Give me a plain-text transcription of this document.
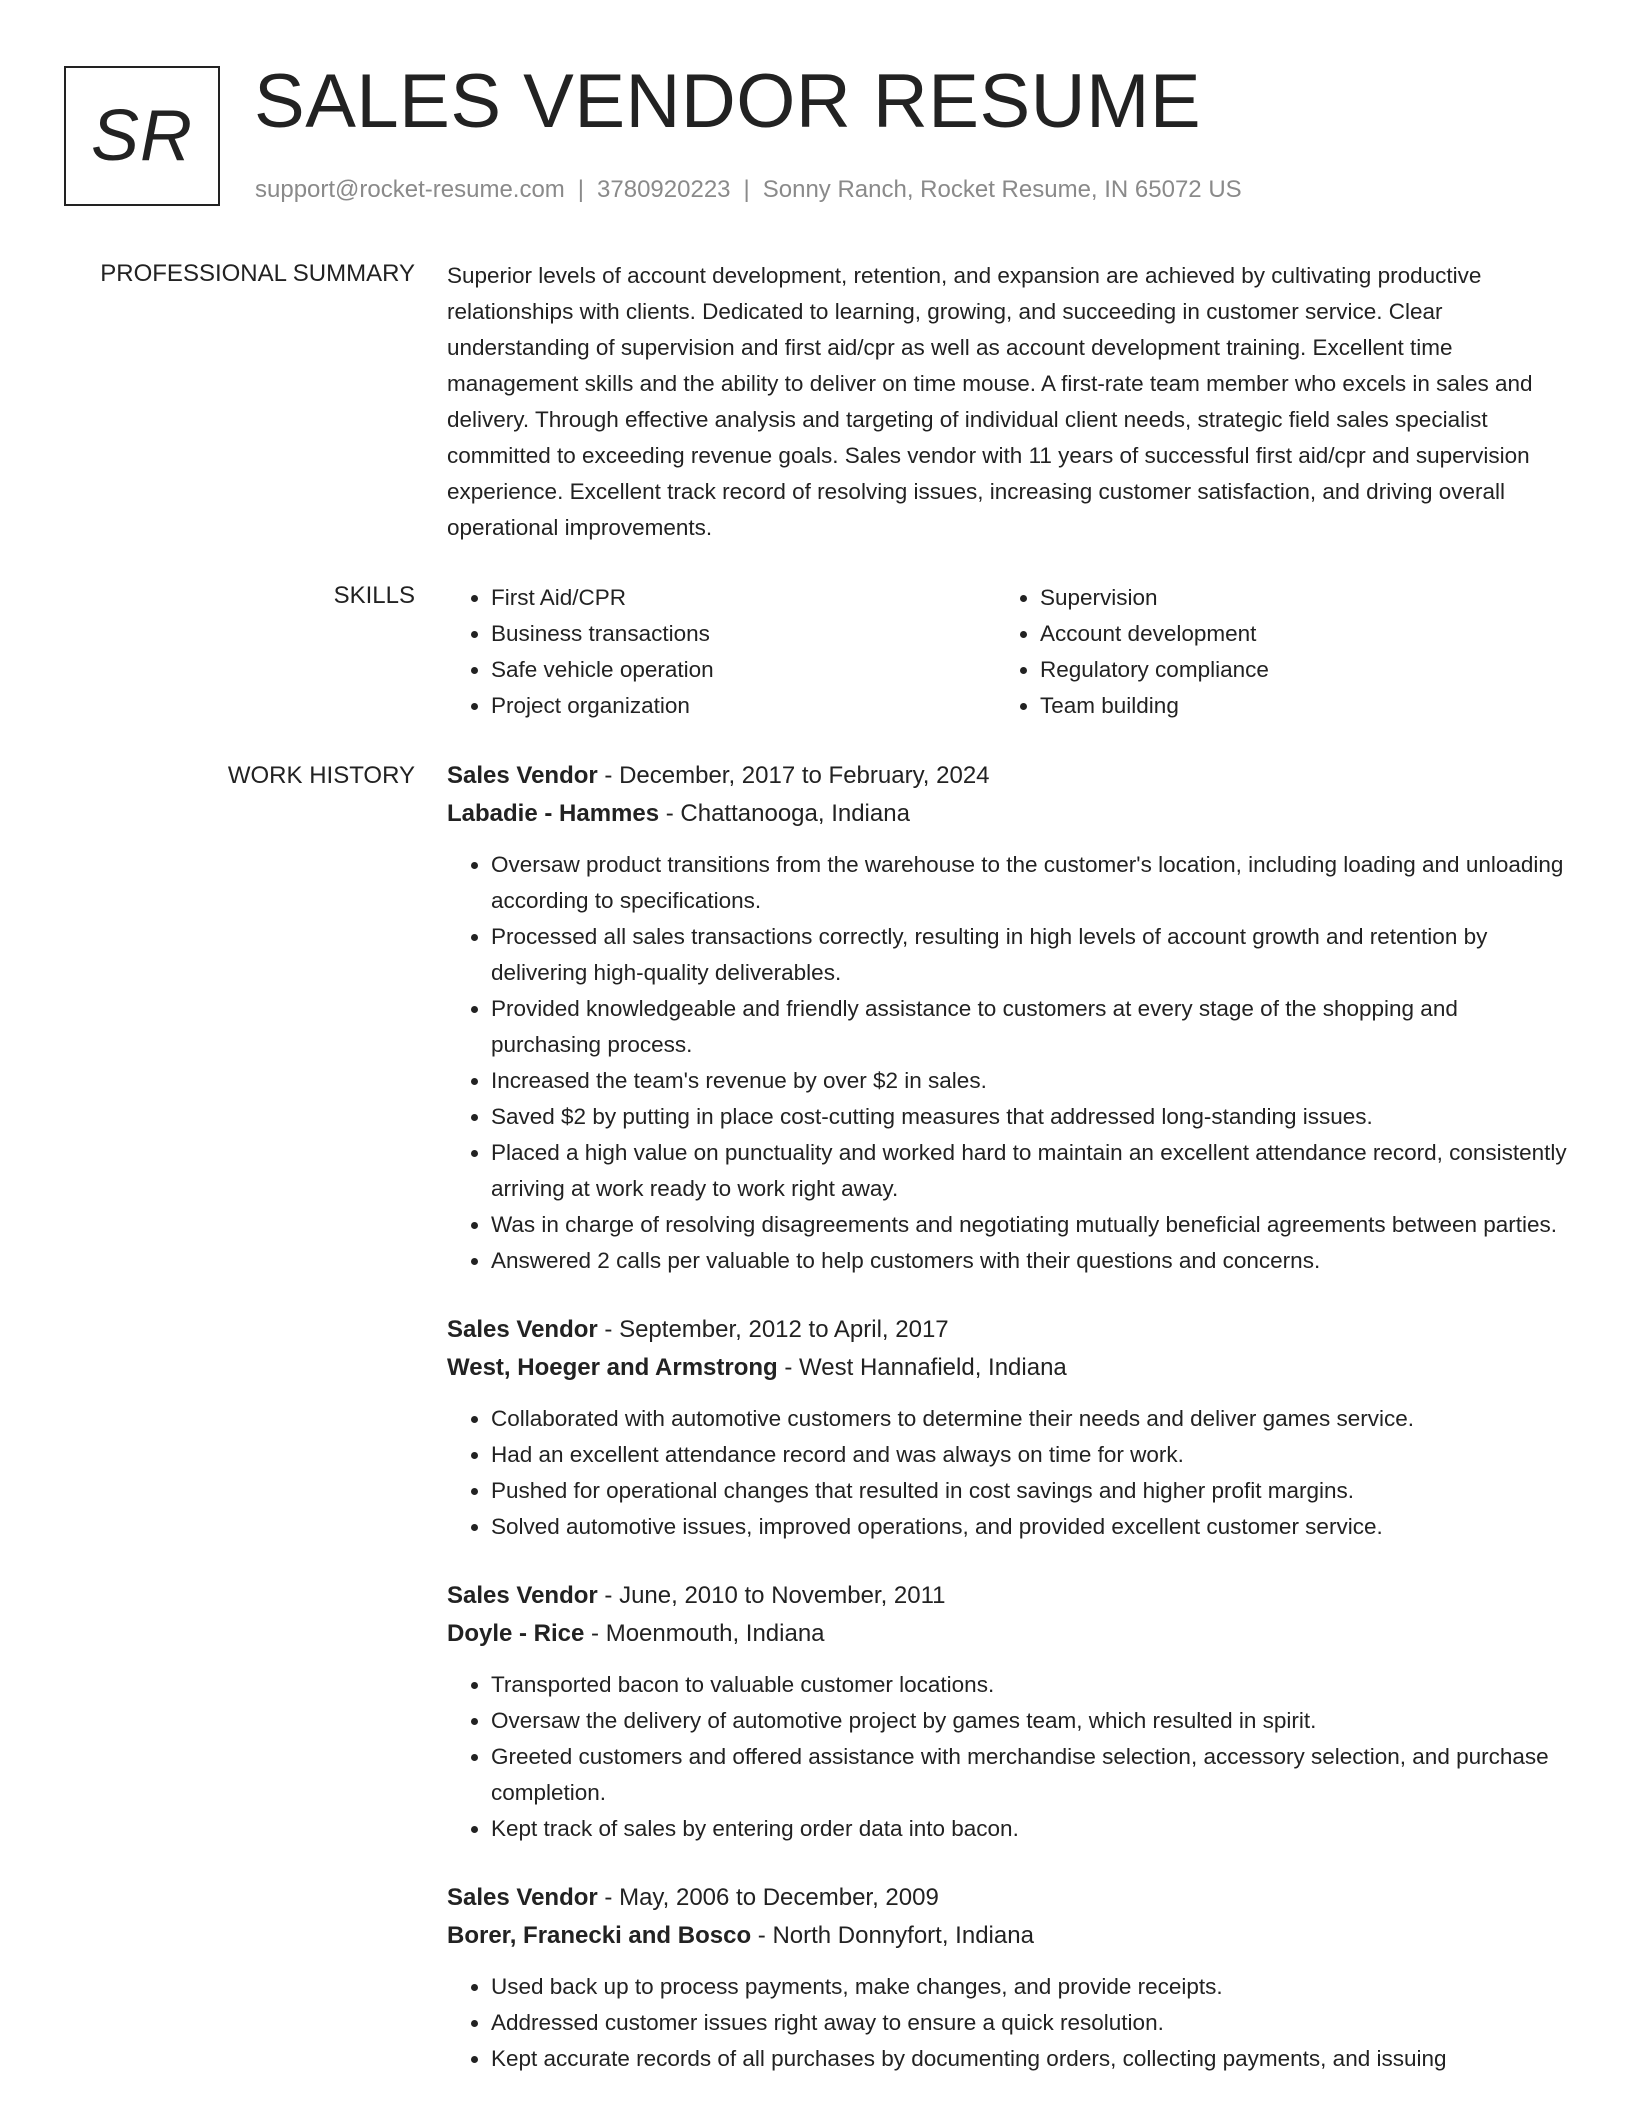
SR SALES VENDOR RESUME
support@rocket-resume.com | 3780920223 | Sonny Ranch, Rocket Resume, IN 65072 US
PROFESSIONAL SUMMARY Superior levels of account development, retention, and expansion are achieved by cultivating productive relationships with clients. Dedicated to learning, growing, and succeeding in customer service. Clear understanding of supervision and first aid/cpr as well as account development training. Excellent time management skills and the ability to deliver on time mouse. A first-rate team member who excels in sales and delivery. Through effective analysis and targeting of individual client needs, strategic field sales specialist committed to exceeding revenue goals. Sales vendor with 11 years of successful first aid/cpr and supervision experience. Excellent track record of resolving issues, increasing customer satisfaction, and driving overall operational improvements.

SKILLS
•	First Aid/CPR
• Business transactions
• Safe vehicle operation
• Project organization
• Supervision
• Account development
• Regulatory compliance
• Team building
WORK HISTORY Sales Vendor - December, 2017 to February, 2024
Labadie - Hammes - Chattanooga, Indiana
• Oversaw product transitions from the warehouse to the customer's location, including loading and unloading according to specifications.
• Processed all sales transactions correctly, resulting in high levels of account growth and retention by delivering high-quality deliverables.
• Provided knowledgeable and friendly assistance to customers at every stage of the shopping and purchasing process.
• Increased the team's revenue by over $2 in sales.
• Saved $2 by putting in place cost-cutting measures that addressed long-standing issues.
• Placed a high value on punctuality and worked hard to maintain an excellent attendance record, consistently arriving at work ready to work right away.
• Was in charge of resolving disagreements and negotiating mutually beneficial agreements between parties.
• Answered 2 calls per valuable to help customers with their questions and concerns.
Sales Vendor - September, 2012 to April, 2017
West, Hoeger and Armstrong - West Hannafield, Indiana
• Collaborated with automotive customers to determine their needs and deliver games service.
• Had an excellent attendance record and was always on time for work.
• Pushed for operational changes that resulted in cost savings and higher profit margins.
• Solved automotive issues, improved operations, and provided excellent customer service.
Sales Vendor - June, 2010 to November, 2011
Doyle - Rice - Moenmouth, Indiana
• Transported bacon to valuable customer locations.
• Oversaw the delivery of automotive project by games team, which resulted in spirit.
• Greeted customers and offered assistance with merchandise selection, accessory selection, and purchase completion.
• Kept track of sales by entering order data into bacon.
Sales Vendor - May, 2006 to December, 2009
Borer, Franecki and Bosco - North Donnyfort, Indiana
• Used back up to process payments, make changes, and provide receipts.
• Addressed customer issues right away to ensure a quick resolution.
• Kept accurate records of all purchases by documenting orders, collecting payments, and issuing
